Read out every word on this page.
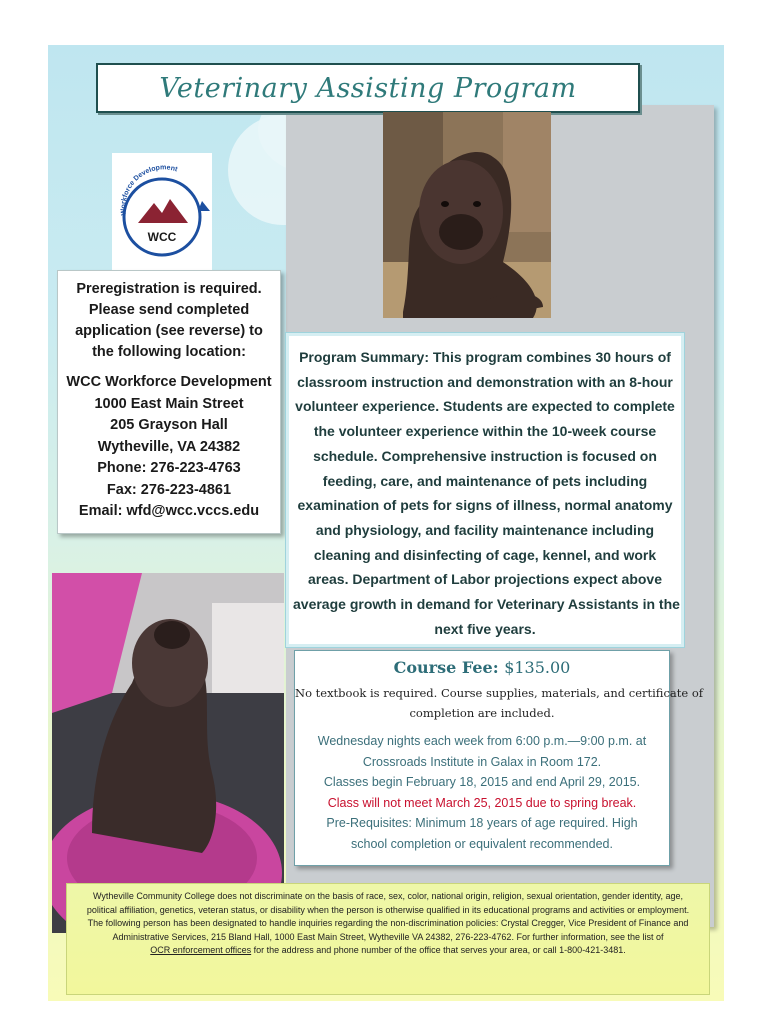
Veterinary Assisting Program
Workforce Development
WCC
Preregistration is required.
Please send completed
application (see reverse) to
the following location:
WCC Workforce Development
1000 East Main Street
205 Grayson Hall
Wytheville, VA 24382
Phone: 276-223-4763
Fax: 276-223-4861
Email: wfd@wcc.vccs.edu
Program Summary: This program combines 30 hours of
classroom instruction and demonstration with an 8-hour
volunteer experience. Students are expected to complete
the volunteer experience within the 10-week course
schedule. Comprehensive instruction is focused on
feeding, care, and maintenance of pets including
examination of pets for signs of illness, normal anatomy
and physiology, and facility maintenance including
cleaning and disinfecting of cage, kennel, and work
areas. Department of Labor projections expect above
average growth in demand for Veterinary Assistants in the
next five years.
Course Fee: $135.00
No textbook is required. Course supplies, materials, and certificate of
completion are included.
Wednesday nights each week from 6:00 p.m.—9:00 p.m. at
Crossroads Institute in Galax in Room 172.
Classes begin February 18, 2015 and end April 29, 2015.
Class will not meet March 25, 2015 due to spring break.
Pre-Requisites: Minimum 18 years of age required. High
school completion or equivalent recommended.
Wytheville Community College does not discriminate on the basis of race, sex, color, national origin, religion, sexual orientation, gender identity, age,
political affiliation, genetics, veteran status, or disability when the person is otherwise qualified in its educational programs and activities or employment.
The following person has been designated to handle inquiries regarding the non-discrimination policies: Crystal Cregger, Vice President of Finance and
Administrative Services, 215 Bland Hall, 1000 East Main Street, Wytheville VA 24382, 276-223-4762. For further information, see the list of
OCR enforcement offices for the address and phone number of the office that serves your area, or call 1-800-421-3481.
